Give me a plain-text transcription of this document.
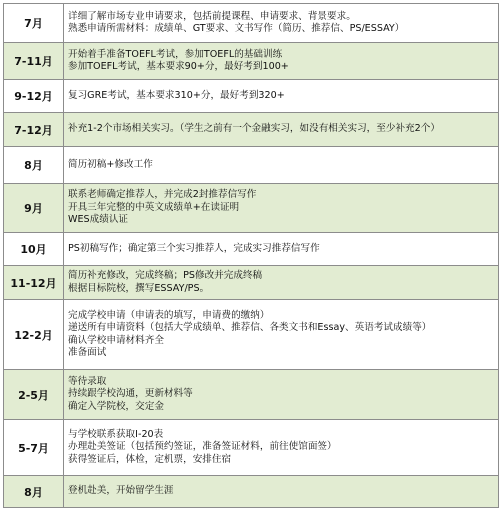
7月	详细了解市场专业申请要求，包括前提课程、申请要求、背景要求。
熟悉申请所需材料：成绩单、GT要求、文书写作（简历、推荐信、PS/ESSAY）

7-11月	开始着手准备TOEFL考试，参加TOEFL的基础训练
参加TOEFL考试，基本要求90+分，最好考到100+

9-12月	复习GRE考试，基本要求310+分，最好考到320+

7-12月	补充1-2个市场相关实习。（学生之前有一个金融实习，如没有相关实习，至少补充2个）

8月	简历初稿+修改工作

9月	联系老师确定推荐人，并完成2封推荐信写作
开具三年完整的中英文成绩单+在读证明
WES成绩认证

10月	PS初稿写作；确定第三个实习推荐人，完成实习推荐信写作

11-12月	简历补充修改，完成终稿；PS修改并完成终稿
根据目标院校，撰写ESSAY/PS。

12-2月	完成学校申请（申请表的填写，申请费的缴纳）
递送所有申请资料（包括大学成绩单、推荐信、各类文书和Essay、英语考试成绩等）
确认学校申请材料齐全
准备面试

2-5月	等待录取
持续跟学校沟通，更新材料等
确定入学院校，交定金

5-7月	与学校联系获取I-20表
办理赴美签证（包括预约签证，准备签证材料，前往使馆面签）
获得签证后，体检，定机票，安排住宿

8月	登机赴美，开始留学生涯
